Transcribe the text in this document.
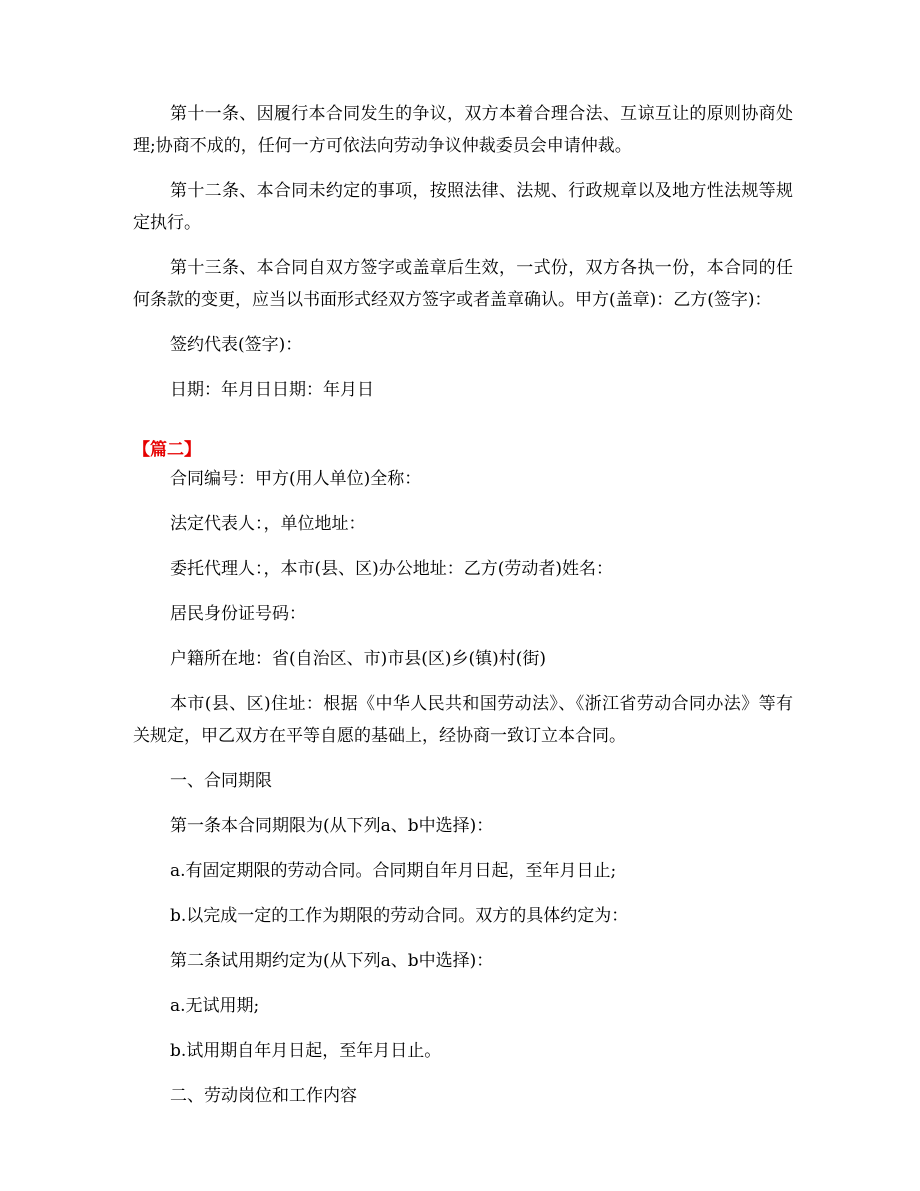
第十一条、因履行本合同发生的争议，双方本着合理合法、互谅互让的原则协商处理;协商不成的，任何一方可依法向劳动争议仲裁委员会申请仲裁。

第十二条、本合同未约定的事项，按照法律、法规、行政规章以及地方性法规等规定执行。

第十三条、本合同自双方签字或盖章后生效，一式份，双方各执一份，本合同的任何条款的变更，应当以书面形式经双方签字或者盖章确认。甲方(盖章)：乙方(签字)：

签约代表(签字)：

日期：年月日日期：年月日

【篇二】

合同编号：甲方(用人单位)全称：

法定代表人：，单位地址：

委托代理人：，本市(县、区)办公地址：乙方(劳动者)姓名：

居民身份证号码：

户籍所在地：省(自治区、市)市县(区)乡(镇)村(街)

本市(县、区)住址：根据《中华人民共和国劳动法》、《浙江省劳动合同办法》等有关规定，甲乙双方在平等自愿的基础上，经协商一致订立本合同。

一、合同期限

第一条本合同期限为(从下列a、b中选择)：

a.有固定期限的劳动合同。合同期自年月日起，至年月日止;

b.以完成一定的工作为期限的劳动合同。双方的具体约定为：

第二条试用期约定为(从下列a、b中选择)：

a.无试用期;

b.试用期自年月日起，至年月日止。

二、劳动岗位和工作内容
